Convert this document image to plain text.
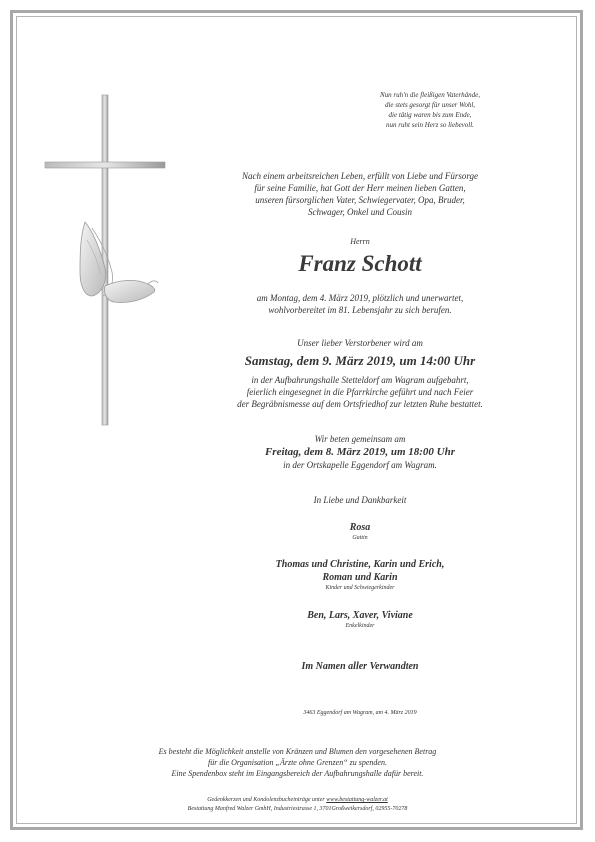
Nun ruh'n die fleißigen Vaterhände,
die stets gesorgt für unser Wohl,
die tätig waren bis zum Ende,
nun ruht sein Herz so liebevoll.
Nach einem arbeitsreichen Leben, erfüllt von Liebe und Fürsorge
für seine Familie, hat Gott der Herr meinen lieben Gatten,
unseren fürsorglichen Vater, Schwiegervater, Opa, Bruder,
Schwager, Onkel und Cousin
Herrn
Franz Schott
am Montag, dem 4. März 2019, plötzlich und unerwartet,
wohlvorbereitet im 81. Lebensjahr zu sich berufen.
Unser lieber Verstorbener wird am
Samstag, dem 9. März 2019, um 14:00 Uhr
in der Aufbahrungshalle Stetteldorf am Wagram aufgebahrt,
feierlich eingesegnet in die Pfarrkirche geführt und nach Feier
der Begräbnismesse auf dem Ortsfriedhof zur letzten Ruhe bestattet.
Wir beten gemeinsam am
Freitag, dem 8. März 2019, um 18:00 Uhr
in der Ortskapelle Eggendorf am Wagram.
In Liebe und Dankbarkeit
Rosa
Gattin
Thomas und Christine, Karin und Erich,
Roman und Karin
Kinder und Schwiegerkinder
Ben, Lars, Xaver, Viviane
Enkelkinder
Im Namen aller Verwandten
3463 Eggendorf am Wagram, am 4. März 2019
Es besteht die Möglichkeit anstelle von Kränzen und Blumen den vorgesehenen Betrag
für die Organisation „Ärzte ohne Grenzen“ zu spenden.
Eine Spendenbox steht im Eingangsbereich der Aufbahrungshalle dafür bereit.
Gedenkkerzen und Kondolenzbucheinträge unter www.bestattung-walzer.at
Bestattung Manfred Walzer GmbH, Industriestrasse 1, 3701Großweikersdorf, 02955-70278
